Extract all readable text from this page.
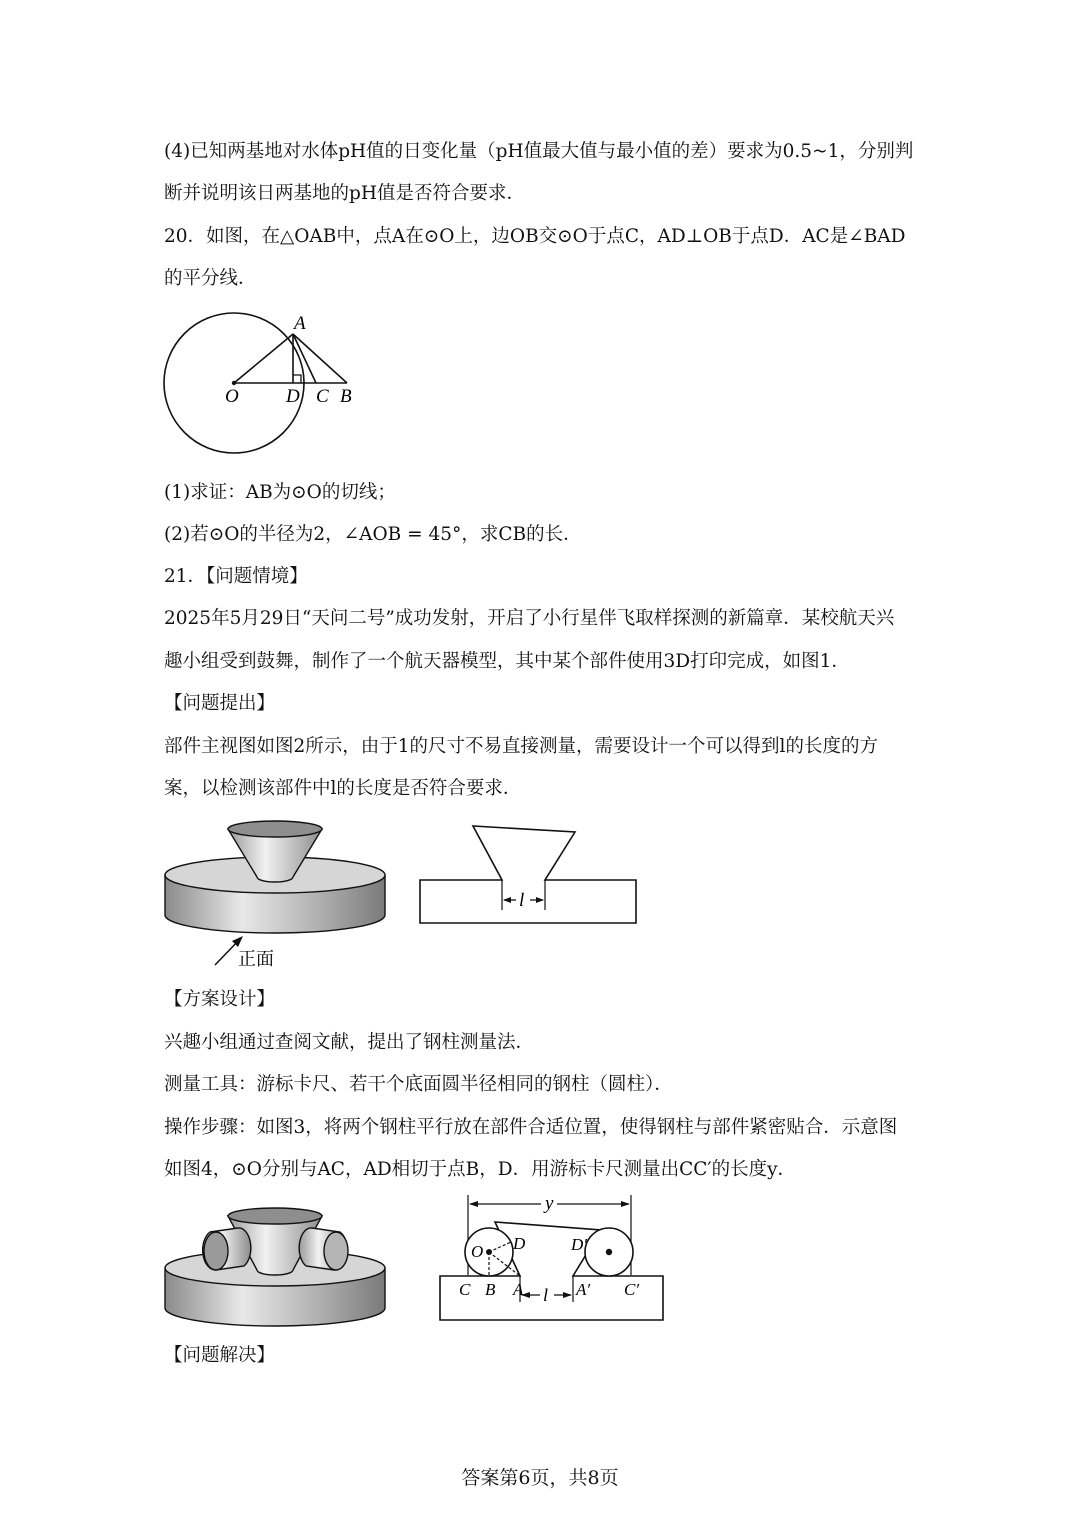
(4)已知两基地对水体pH值的日变化量（pH值最大值与最小值的差）要求为0.5~1，分别判
断并说明该日两基地的pH值是否符合要求．
20．如图，在△OAB中，点A在⊙O上，边OB交⊙O于点C，AD⊥OB于点D．AC是∠BAD
的平分线．
A
O D C B
(1)求证：AB为⊙O的切线；
(2)若⊙O的半径为2，∠AOB = 45°，求CB的长．
21．【问题情境】
2025年5月29日“天问二号”成功发射，开启了小行星伴飞取样探测的新篇章．某校航天兴
趣小组受到鼓舞，制作了一个航天器模型，其中某个部件使用3D打印完成，如图1．
【问题提出】
部件主视图如图2所示，由于1的尺寸不易直接测量，需要设计一个可以得到l的长度的方
案，以检测该部件中l的长度是否符合要求．
正面
l
【方案设计】
兴趣小组通过查阅文献，提出了钢柱测量法．
测量工具：游标卡尺、若干个底面圆半径相同的钢柱（圆柱）．
操作步骤：如图3，将两个钢柱平行放在部件合适位置，使得钢柱与部件紧密贴合．示意图
如图4，⊙O分别与AC，AD相切于点B，D．用游标卡尺测量出CC′的长度y．
y
l
O D	D′
C B A	A′ C′
【问题解决】
答案第6页，共8页
